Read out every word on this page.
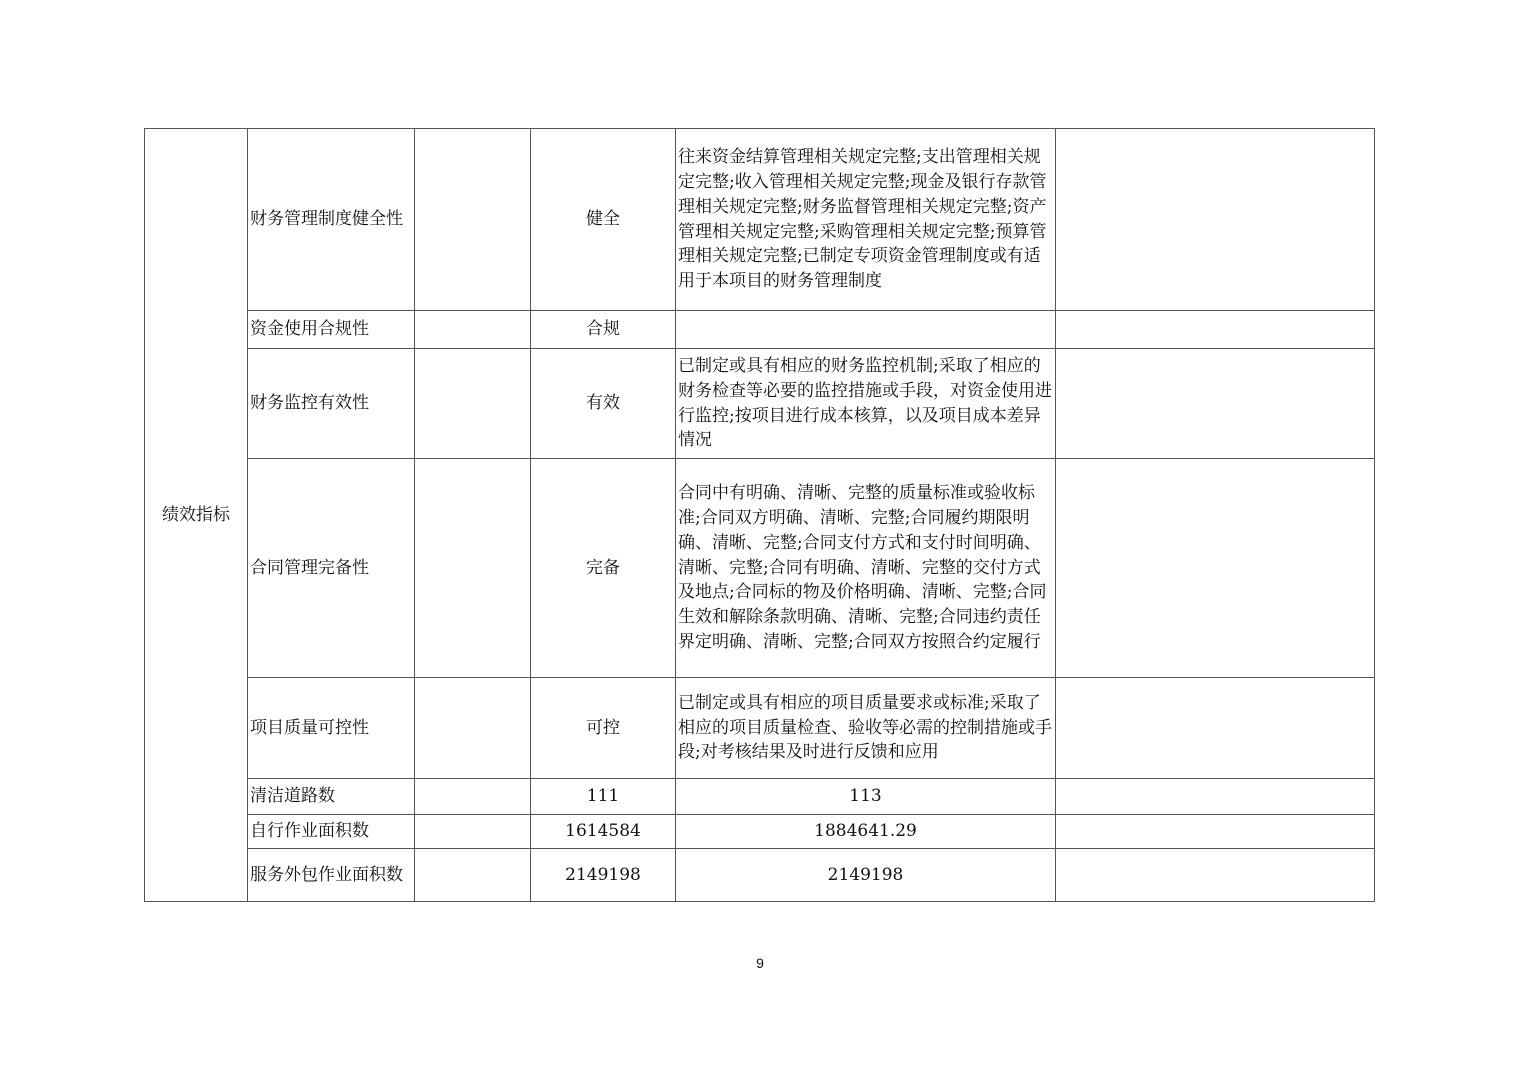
绩效指标	财务管理制度健全性		健全	往来资金结算管理相关规定完整;支出管理相关规定完整;收入管理相关规定完整;现金及银行存款管理相关规定完整;财务监督管理相关规定完整;资产管理相关规定完整;采购管理相关规定完整;预算管理相关规定完整;已制定专项资金管理制度或有适用于本项目的财务管理制度	
	资金使用合规性		合规		
	财务监控有效性		有效	已制定或具有相应的财务监控机制;采取了相应的财务检查等必要的监控措施或手段，对资金使用进行监控;按项目进行成本核算，以及项目成本差异情况	
	合同管理完备性		完备	合同中有明确、清晰、完整的质量标准或验收标准;合同双方明确、清晰、完整;合同履约期限明确、清晰、完整;合同支付方式和支付时间明确、清晰、完整;合同有明确、清晰、完整的交付方式及地点;合同标的物及价格明确、清晰、完整;合同生效和解除条款明确、清晰、完整;合同违约责任界定明确、清晰、完整;合同双方按照合约定履行	
	项目质量可控性		可控	已制定或具有相应的项目质量要求或标准;采取了相应的项目质量检查、验收等必需的控制措施或手段;对考核结果及时进行反馈和应用	
	清洁道路数		111	113	
	自行作业面积数		1614584	1884641.29	
	服务外包作业面积数		2149198	2149198	
9
